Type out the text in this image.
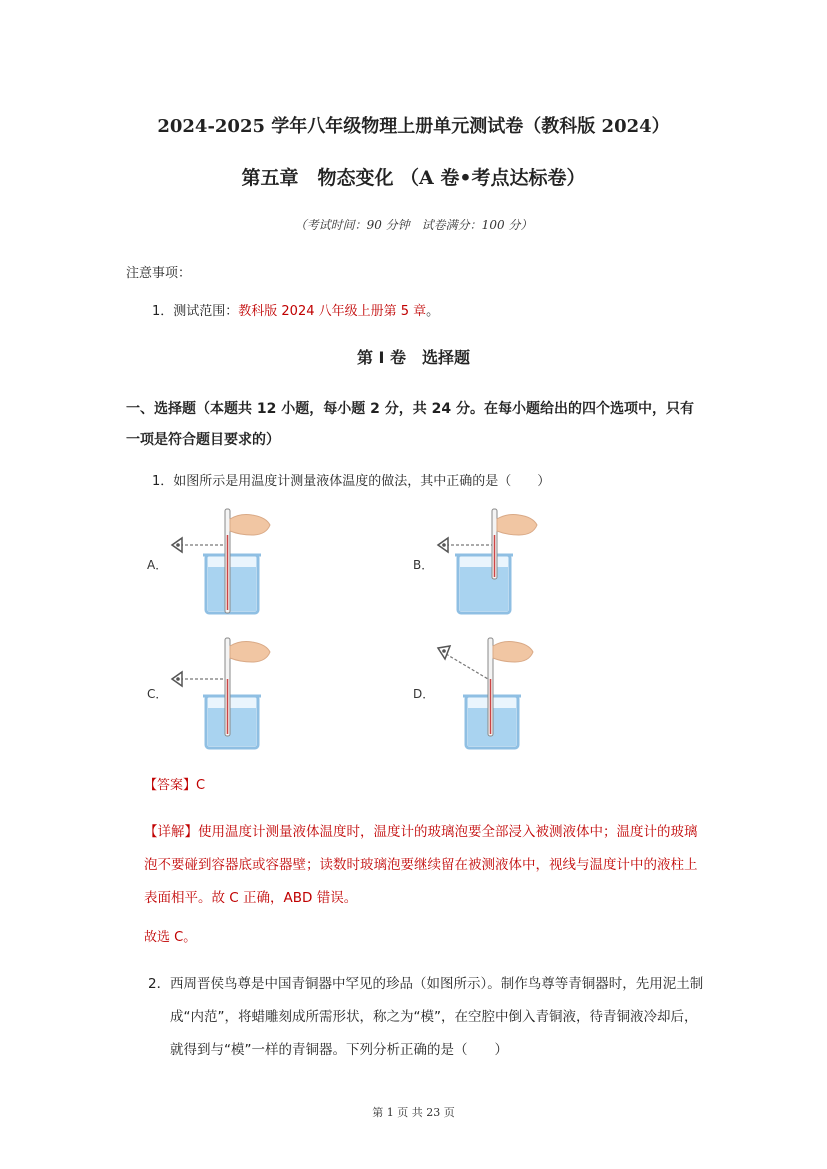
2024-2025 学年八年级物理上册单元测试卷（教科版 2024）
第五章　物态变化 （A 卷•考点达标卷）
（考试时间：90 分钟　试卷满分：100 分）
注意事项：
1．测试范围：教科版 2024 八年级上册第 5 章。
第 I 卷　选择题
一、选择题（本题共 12 小题，每小题 2 分，共 24 分。在每小题给出的四个选项中，只有一项是符合题目要求的）
1．如图所示是用温度计测量液体温度的做法，其中正确的是（　　）
A．	B．
C．	D．
【答案】C
【详解】使用温度计测量液体温度时，温度计的玻璃泡要全部浸入被测液体中；温度计的玻璃泡不要碰到容器底或容器壁；读数时玻璃泡要继续留在被测液体中，视线与温度计中的液柱上表面相平。故 C 正确，ABD 错误。
故选 C。
2． 西周晋侯鸟尊是中国青铜器中罕见的珍品（如图所示）。制作鸟尊等青铜器时，先用泥土制成“内范”，将蜡雕刻成所需形状，称之为“模”，在空腔中倒入青铜液，待青铜液冷却后，就得到与“模”一样的青铜器。下列分析正确的是（　　）
第 1 页 共 23 页
